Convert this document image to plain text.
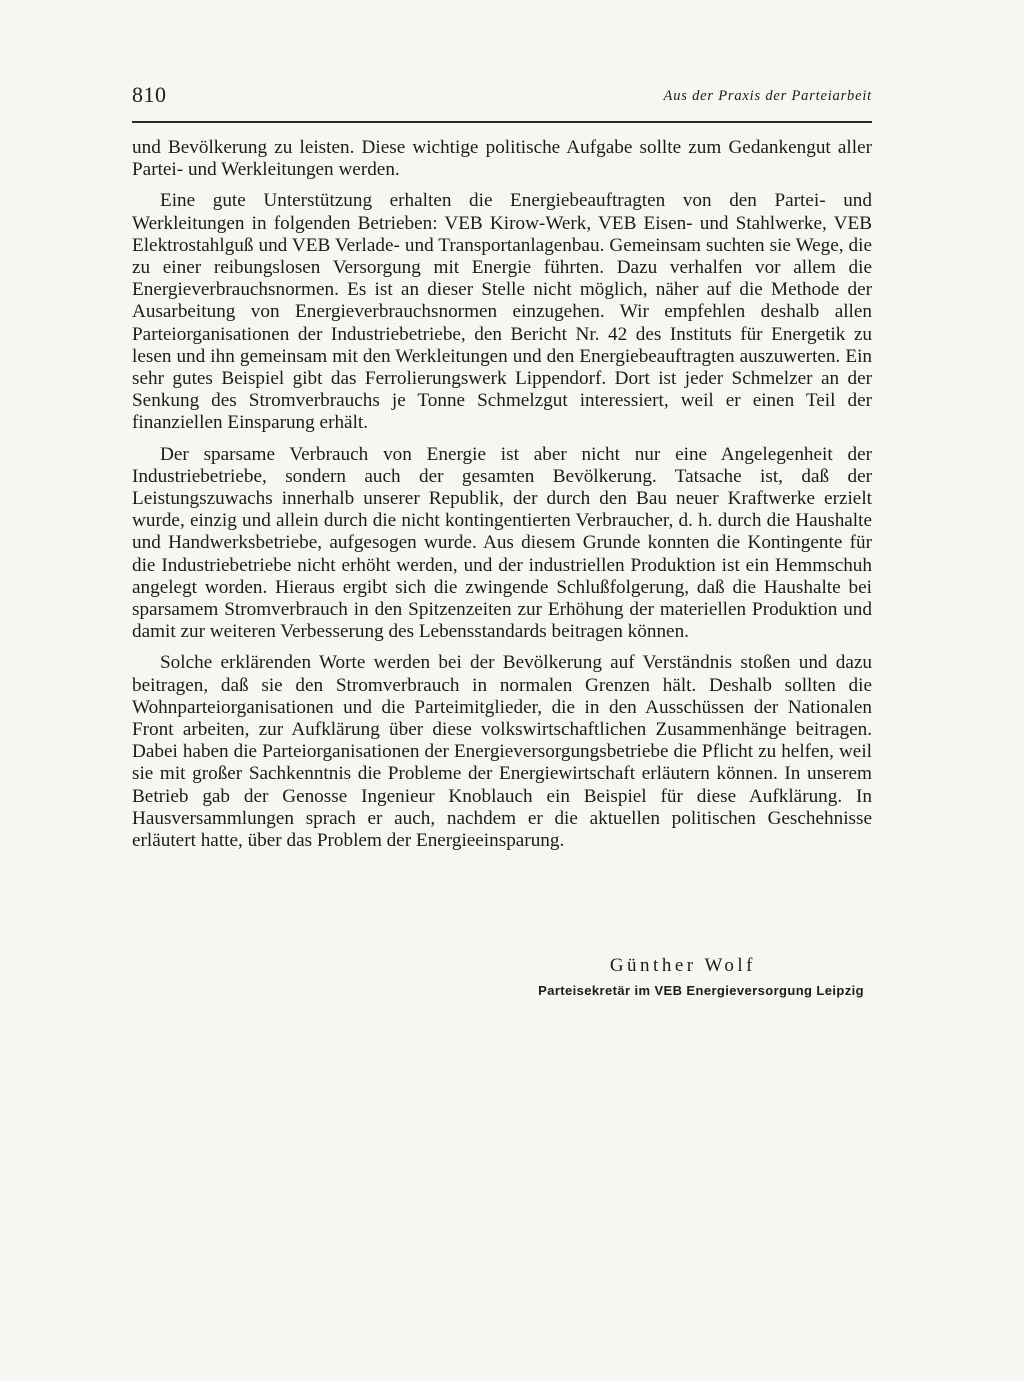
810	Aus der Praxis der Parteiarbeit

und Bevölkerung zu leisten. Diese wichtige politische Aufgabe sollte zum Gedankengut aller Partei- und Werkleitungen werden.

Eine gute Unterstützung erhalten die Energiebeauftragten von den Partei- und Werkleitungen in folgenden Betrieben: VEB Kirow-Werk, VEB Eisen- und Stahlwerke, VEB Elektrostahlguß und VEB Verlade- und Transportanlagenbau. Gemeinsam suchten sie Wege, die zu einer reibungslosen Versorgung mit Energie führten. Dazu verhalfen vor allem die Energieverbrauchsnormen. Es ist an dieser Stelle nicht möglich, näher auf die Methode der Ausarbeitung von Energieverbrauchsnormen einzugehen. Wir empfehlen deshalb allen Parteiorganisationen der Industriebetriebe, den Bericht Nr. 42 des Instituts für Energetik zu lesen und ihn gemeinsam mit den Werkleitungen und den Energiebeauftragten auszuwerten. Ein sehr gutes Beispiel gibt das Ferrolierungswerk Lippendorf. Dort ist jeder Schmelzer an der Senkung des Stromverbrauchs je Tonne Schmelzgut interessiert, weil er einen Teil der finanziellen Einsparung erhält.

Der sparsame Verbrauch von Energie ist aber nicht nur eine Angelegenheit der Industriebetriebe, sondern auch der gesamten Bevölkerung. Tatsache ist, daß der Leistungszuwachs innerhalb unserer Republik, der durch den Bau neuer Kraftwerke erzielt wurde, einzig und allein durch die nicht kontingentierten Verbraucher, d. h. durch die Haushalte und Handwerksbetriebe, aufgesogen wurde. Aus diesem Grunde konnten die Kontingente für die Industriebetriebe nicht erhöht werden, und der industriellen Produktion ist ein Hemmschuh angelegt worden. Hieraus ergibt sich die zwingende Schlußfolgerung, daß die Haushalte bei sparsamem Stromverbrauch in den Spitzenzeiten zur Erhöhung der materiellen Produktion und damit zur weiteren Verbesserung des Lebensstandards beitragen können.

Solche erklärenden Worte werden bei der Bevölkerung auf Verständnis stoßen und dazu beitragen, daß sie den Stromverbrauch in normalen Grenzen hält. Deshalb sollten die Wohnparteiorganisationen und die Parteimitglieder, die in den Ausschüssen der Nationalen Front arbeiten, zur Aufklärung über diese volkswirtschaftlichen Zusammenhänge beitragen. Dabei haben die Parteiorganisationen der Energieversorgungsbetriebe die Pflicht zu helfen, weil sie mit großer Sachkenntnis die Probleme der Energiewirtschaft erläutern können. In unserem Betrieb gab der Genosse Ingenieur Knoblauch ein Beispiel für diese Aufklärung. In Hausversammlungen sprach er auch, nachdem er die aktuellen politischen Geschehnisse erläutert hatte, über das Problem der Energieeinsparung.

Günther Wolf
Parteisekretär im VEB Energieversorgung Leipzig
